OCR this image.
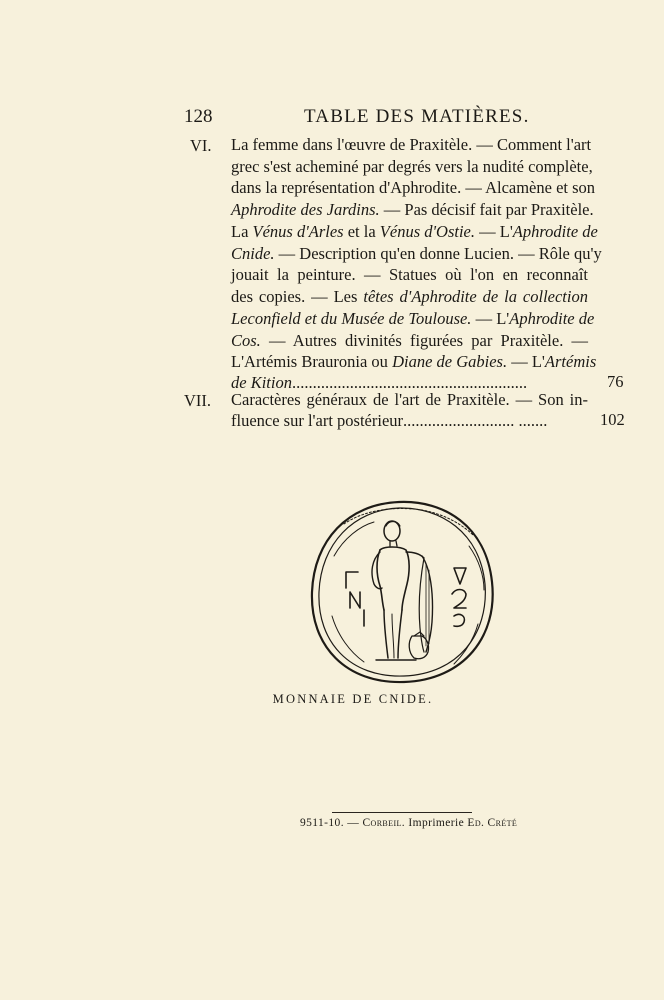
128	TABLE DES MATIÈRES.
VI. La femme dans l'œuvre de Praxitèle. — Comment l'art
grec s'est acheminé par degrés vers la nudité complète,
dans la représentation d'Aphrodite. — Alcamène et son
Aphrodite des Jardins. — Pas décisif fait par Praxitèle.
La Vénus d'Arles et la Vénus d'Ostie. — L'Aphrodite de
Cnide. — Description qu'en donne Lucien. — Rôle qu'y
jouait la peinture. — Statues où l'on en reconnaît
des copies. — Les têtes d'Aphrodite de la collection
Leconfield et du Musée de Toulouse. — L'Aphrodite de
Cos. — Autres divinités figurées par Praxitèle. —
L'Artémis Brauronia ou Diane de Gabies. — L'Artémis
de Kition.........................................................	76
VII. Caractères généraux de l'art de Praxitèle. — Son in-
fluence sur l'art postérieur........................... .......	102
MONNAIE DE CNIDE.
9511-10. — Corbeil. Imprimerie Ed. Crété
